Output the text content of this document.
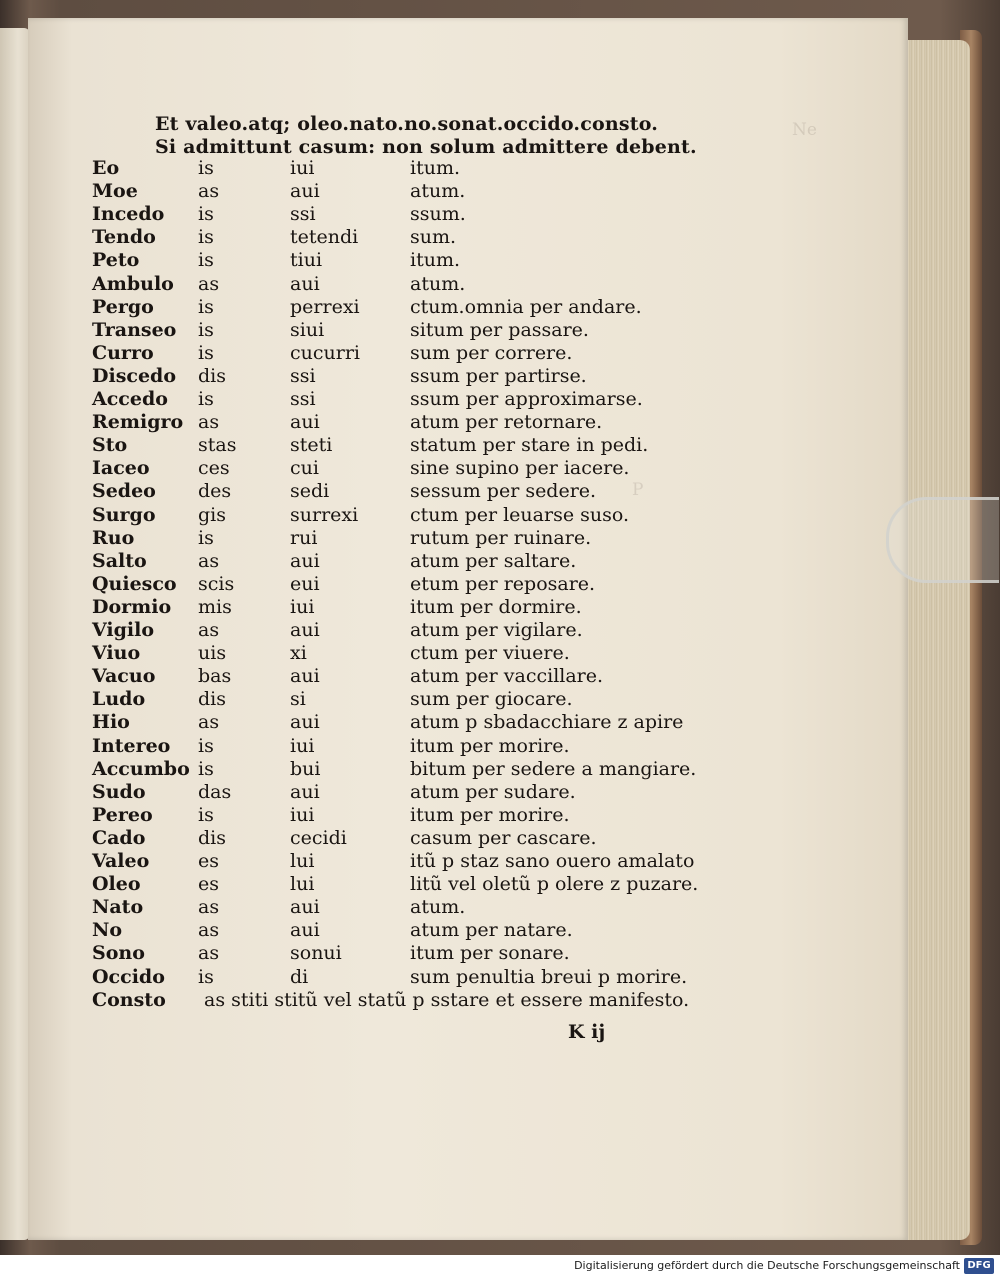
Ne
P
Et valeo.atq; oleo.nato.no.sonat.occido.consto.
Si admittunt casum: non solum admittere debent.
Eo	is	iui	itum.
Moe	as	aui	atum.
Incedo is	ssi	ssum.
Tendo is	tetendi	sum.
Peto	is	tiui	itum.
Ambulo as	aui	atum.
Pergo is	perrexi	ctum.omnia per andare.
Transeo is	siui	situm per passare.
Curro is	cucurri	sum per correre.
Discedo dis	ssi	ssum per partirse.
Accedo is	ssi	ssum per approximarse.
Remigro as	aui	atum per retornare.
Sto	stas	steti	statum per stare in pedi.
Iaceo	ces	cui	sine supino per iacere.
Sedeo des	sedi	sessum per sedere.
Surgo gis	surrexi	ctum per leuarse suso.
Ruo	is	rui	rutum per ruinare.
Salto	as	aui	atum per saltare.
Quiesco scis	eui	etum per reposare.
Dormio mis	iui	itum per dormire.
Vigilo as	aui	atum per vigilare.
Viuo	uis	xi	ctum per viuere.
Vacuo bas	aui	atum per vaccillare.
Ludo	dis	si	sum per giocare.
Hio	as	aui	atum p sbadacchiare z apire
Intereo is	iui	itum per morire.
Accumbo is	bui	bitum per sedere a mangiare.
Sudo	das	aui	atum per sudare.
Pereo is	iui	itum per morire.
Cado	dis	cecidi	casum per cascare.
Valeo	es	lui	itũ p staz sano ouero amalato
Oleo	es	lui	litũ vel oletũ p olere z puzare.
Nato	as	aui	atum.
No	as	aui	atum per natare.
Sono	as	sonui	itum per sonare.
Occido is	di	sum penultia breui p morire.
Consto as stiti stitũ vel statũ p sstare et essere manifesto.
K ij
Digitalisierung gefördert durch die Deutsche Forschungsgemeinschaft DFG
